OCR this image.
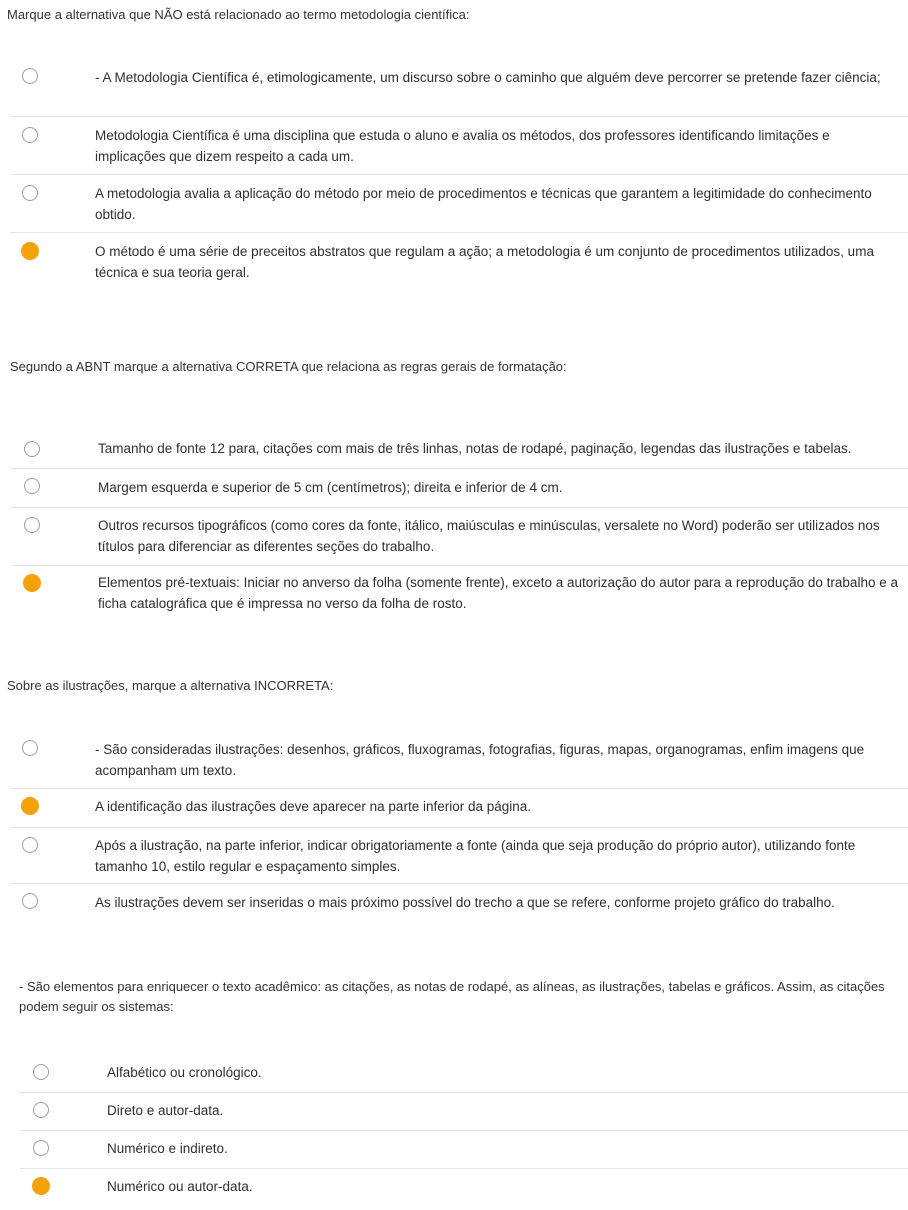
Marque a alternativa que NÃO está relacionado ao termo metodologia científica:

- A Metodologia Científica é, etimologicamente, um discurso sobre o caminho que alguém deve percorrer se pretende fazer ciência;
Metodologia Científica é uma disciplina que estuda o aluno e avalia os métodos, dos professores identificando limitações e implicações que dizem respeito a cada um.
A metodologia avalia a aplicação do método por meio de procedimentos e técnicas que garantem a legitimidade do conhecimento obtido.
O método é uma série de preceitos abstratos que regulam a ação; a metodologia é um conjunto de procedimentos utilizados, uma técnica e sua teoria geral.

Segundo a ABNT marque a alternativa CORRETA que relaciona as regras gerais de formatação:

Tamanho de fonte 12 para, citações com mais de três linhas, notas de rodapé, paginação, legendas das ilustrações e tabelas.
Margem esquerda e superior de 5 cm (centímetros); direita e inferior de 4 cm.
Outros recursos tipográficos (como cores da fonte, itálico, maiúsculas e minúsculas, versalete no Word) poderão ser utilizados nos títulos para diferenciar as diferentes seções do trabalho.
Elementos pré-textuais: Iniciar no anverso da folha (somente frente), exceto a autorização do autor para a reprodução do trabalho e a ficha catalográfica que é impressa no verso da folha de rosto.

Sobre as ilustrações, marque a alternativa INCORRETA:

- São consideradas ilustrações: desenhos, gráficos, fluxogramas, fotografias, figuras, mapas, organogramas, enfim imagens que acompanham um texto.
A identificação das ilustrações deve aparecer na parte inferior da página.
Após a ilustração, na parte inferior, indicar obrigatoriamente a fonte (ainda que seja produção do próprio autor), utilizando fonte tamanho 10, estilo regular e espaçamento simples.
As ilustrações devem ser inseridas o mais próximo possível do trecho a que se refere, conforme projeto gráfico do trabalho.

- São elementos para enriquecer o texto acadêmico: as citações, as notas de rodapé, as alíneas, as ilustrações, tabelas e gráficos. Assim, as citações podem seguir os sistemas:

Alfabético ou cronológico.
Direto e autor-data.
Numérico e indireto.
Numérico ou autor-data.
